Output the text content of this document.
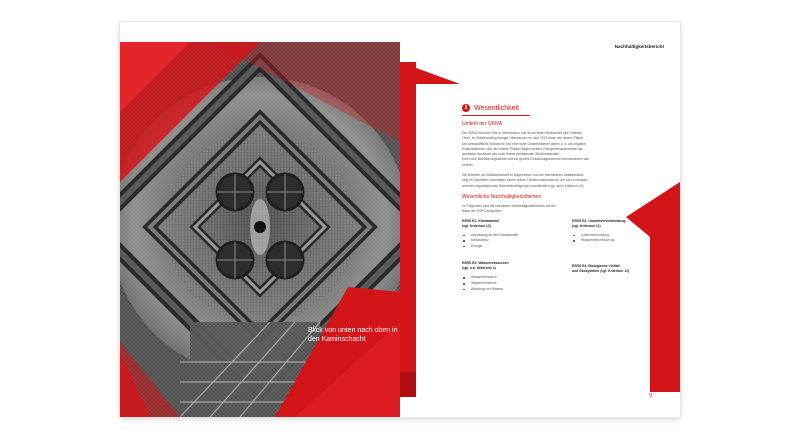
Blick von unten nach oben in den Kaminschacht
8
Nachhaltigkeitsbericht
2 Wesentlichkeit
Umfeld der GMVA

Die GMVA hat ihren Sitz in Oberhausen und ist ein fester Bestandteil des Ortsteils
Lirich. Im Städteranking belegte Oberhausen im Jahr 2023 einen der letzten Plätze.
Die wirtschaftliche Schwäche und eine hohe Gewerbesteuer gelten u. a. als negative
Einflussfaktoren. Auf den letzten Plätzen liegen weitere Ruhrgebietskommunen als
sichtbarer Ausdruck des noch immer anhaltenden Strukturwandels.
Eine hohe Bevölkerungsdichte und ein großes Emissionsgeschehen kennzeichnen das
Umfeld.

Die Branche der Abfallwirtschaft im Allgemeinen und der thermischen Abfallbehand-
lung im Speziellen unterliegen einem hohen Transformationsdruck, der sich in entspre-
chenden regulatorischen Rahmenbedingungen manifestiert (vgl. auch Kriterium 19).

Wesentliche Nachhaltigkeitsthemen

Im Folgenden sind die relevanten Nachhaltigkeitsthemen auf der
Basis der ESRS aufgeführt:

ESRS E1: Klimawandel
(vgl. Kriterium 13)
Anpassung an den Klimawandel
Klimaschutz
Energie
ESRS E3: Wasserressourcen
(vgl. u.a. Kriterium 4)
Wasserverbrauch
Wasserentnahme
Ableitung von Wasser
ESRS E2: Umweltverschmutzung
(vgl. Kriterium 11)
Luftverschmutzung
Wasserverschmutzung
ESRS E4: Biologische Vielfalt
und Ökosysteme (vgl. Kriterium 12)
9
